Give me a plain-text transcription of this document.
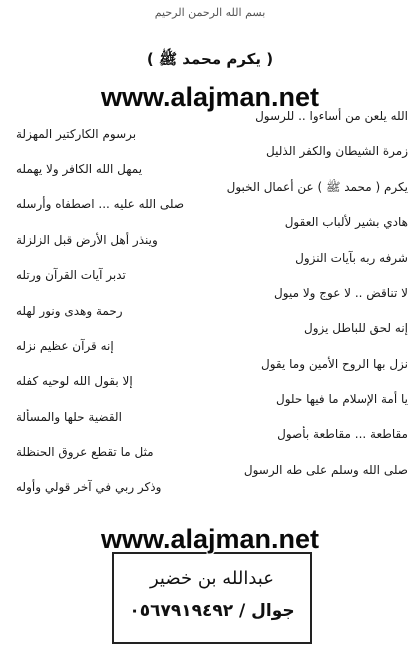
بسم الله الرحمن الرحيم
( يكرم محمد ﷺ )
www.alajman.net
الله يلعن من أساءوا .. للرسول
برسوم الكاركتير المهزلة
زمرة الشيطان والكفر الذليل
يمهل الله الكافر ولا يهمله
يكرم ( محمد ﷺ ) عن أعمال الخبول
صلى الله عليه ... اصطفاه وأرسله
هادي بشير لألباب العقول
وينذر أهل الأرض قبل الزلزلة
شرفه ربه بآيات النزول
تدبر آيات القرآن ورتله
لا تناقض .. لا عوج ولا ميول
رحمة وهدى ونور لهله
إنه لحق للباطل يزول
إنه قرآن عظيم نزله
نزل بها الروح الأمين وما يقول
إلا بقول الله لوحيه كفله
يا أمة الإسلام ما فيها حلول
القضية حلها والمسألة
مقاطعة ... مقاطعة بأصول
مثل ما تقطع عروق الحنظلة
صلى الله وسلم على طه الرسول
وذكر ربي في آخر قولي وأوله
www.alajman.net
عبدالله بن خضير
جوال / ٠٥٦٧٩١٩٤٩٢
